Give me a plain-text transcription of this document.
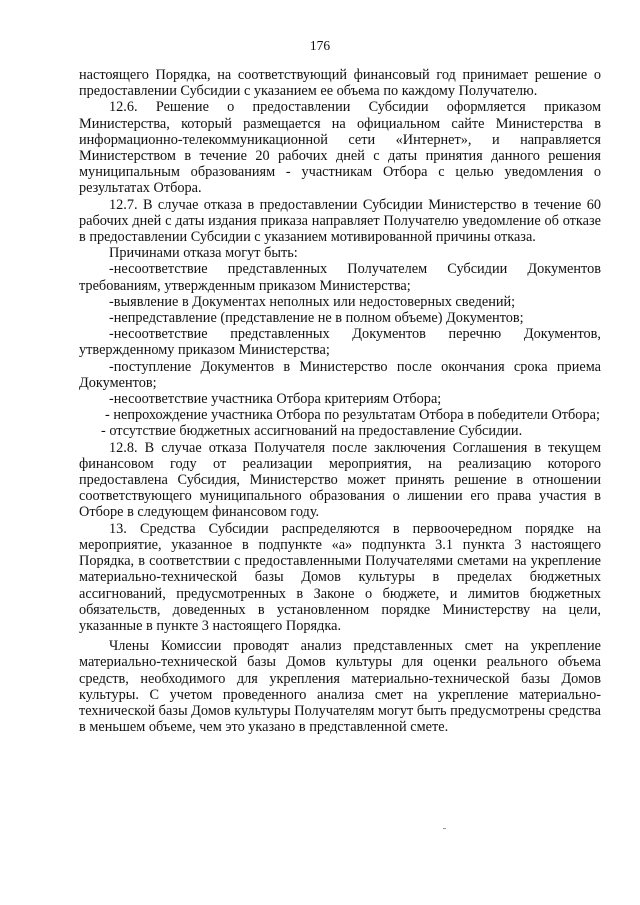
176

настоящего Порядка, на соответствующий финансовый год принимает решение о предоставлении Субсидии с указанием ее объема по каждому Получателю.

12.6. Решение о предоставлении Субсидии оформляется приказом Министерства, который размещается на официальном сайте Министерства в информационно-телекоммуникационной сети «Интернет», и направляется Министерством в течение 20 рабочих дней с даты принятия данного решения муниципальным образованиям - участникам Отбора с целью уведомления о результатах Отбора.

12.7. В случае отказа в предоставлении Субсидии Министерство в течение 60 рабочих дней с даты издания приказа направляет Получателю уведомление об отказе в предоставлении Субсидии с указанием мотивированной причины отказа.

Причинами отказа могут быть:

-несоответствие представленных Получателем Субсидии Документов требованиям, утвержденным приказом Министерства;

-выявление в Документах неполных или недостоверных сведений;

-непредставление (представление не в полном объеме) Документов;

-несоответствие представленных Документов перечню Документов, утвержденному приказом Министерства;

-поступление Документов в Министерство после окончания срока приема Документов;

-несоответствие участника Отбора критериям Отбора;

- непрохождение участника Отбора по результатам Отбора в победители Отбора;

- отсутствие бюджетных ассигнований на предоставление Субсидии.

12.8. В случае отказа Получателя после заключения Соглашения в текущем финансовом году от реализации мероприятия, на реализацию которого предоставлена Субсидия, Министерство может принять решение в отношении соответствующего муниципального образования о лишении его права участия в Отборе в следующем финансовом году.

13. Средства Субсидии распределяются в первоочередном порядке на мероприятие, указанное в подпункте «а» подпункта 3.1 пункта 3 настоящего Порядка, в соответствии с предоставленными Получателями сметами на укрепление материально-технической базы Домов культуры в пределах бюджетных ассигнований, предусмотренных в Законе о бюджете, и лимитов бюджетных обязательств, доведенных в установленном порядке Министерству на цели, указанные в пункте 3 настоящего Порядка.

Члены Комиссии проводят анализ представленных смет на укрепление материально-технической базы Домов культуры для оценки реального объема средств, необходимого для укрепления материально-технической базы Домов культуры. С учетом проведенного анализа смет на укрепление материально-технической базы Домов культуры Получателям могут быть предусмотрены средства в меньшем объеме, чем это указано в представленной смете.
